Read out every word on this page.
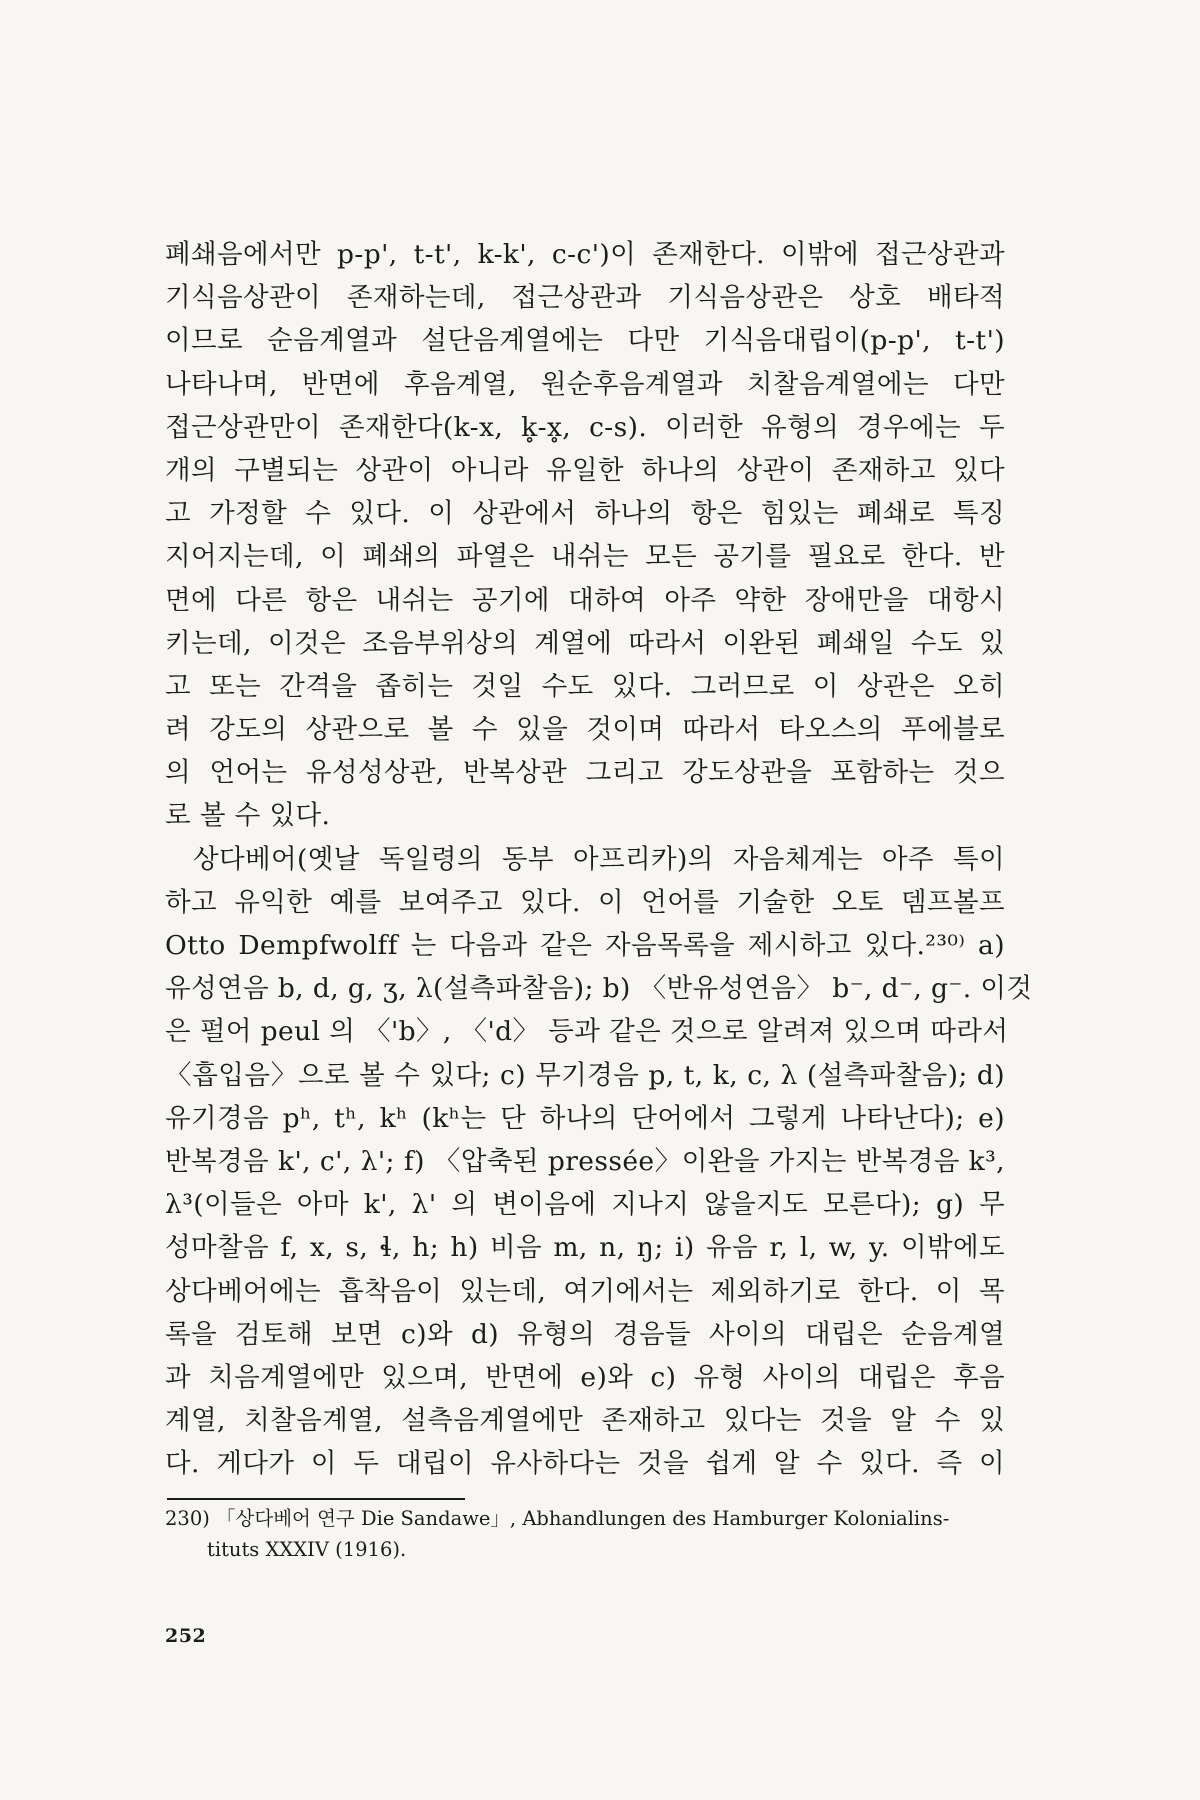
폐쇄음에서만 p-p', t-t', k-k', c-c')이 존재한다. 이밖에 접근상관과
기식음상관이 존재하는데, 접근상관과 기식음상관은 상호 배타적
이므로 순음계열과 설단음계열에는 다만 기식음대립이(p-p', t-t')
나타나며, 반면에 후음계열, 원순후음계열과 치찰음계열에는 다만
접근상관만이 존재한다(k-x, k̥-x̥, c-s). 이러한 유형의 경우에는 두
개의 구별되는 상관이 아니라 유일한 하나의 상관이 존재하고 있다
고 가정할 수 있다. 이 상관에서 하나의 항은 힘있는 폐쇄로 특징
지어지는데, 이 폐쇄의 파열은 내쉬는 모든 공기를 필요로 한다. 반
면에 다른 항은 내쉬는 공기에 대하여 아주 약한 장애만을 대항시
키는데, 이것은 조음부위상의 계열에 따라서 이완된 폐쇄일 수도 있
고 또는 간격을 좁히는 것일 수도 있다. 그러므로 이 상관은 오히
려 강도의 상관으로 볼 수 있을 것이며 따라서 타오스의 푸에블로
의 언어는 유성성상관, 반복상관 그리고 강도상관을 포함하는 것으
로 볼 수 있다.
상다베어(옛날 독일령의 동부 아프리카)의 자음체계는 아주 특이
하고 유익한 예를 보여주고 있다. 이 언어를 기술한 오토 뎀프볼프
Otto Dempfwolff 는 다음과 같은 자음목록을 제시하고 있다.²³⁰⁾ a)
유성연음 b, d, g, ʒ, λ(설측파찰음); b) 〈반유성연음〉 b⁻, d⁻, g⁻. 이것
은 펄어 peul 의 〈'b〉, 〈'd〉 등과 같은 것으로 알려져 있으며 따라서
〈흡입음〉으로 볼 수 있다; c) 무기경음 p, t, k, c, λ (설측파찰음); d)
유기경음 pʰ, tʰ, kʰ (kʰ는 단 하나의 단어에서 그렇게 나타난다); e)
반복경음 k', c', λ'; f) 〈압축된 pressée〉이완을 가지는 반복경음 k³,
λ³(이들은 아마 k', λ' 의 변이음에 지나지 않을지도 모른다); g) 무
성마찰음 f, x, s, ɬ, h; h) 비음 m, n, ŋ; i) 유음 r, l, w, y. 이밖에도
상다베어에는 흡착음이 있는데, 여기에서는 제외하기로 한다. 이 목
록을 검토해 보면 c)와 d) 유형의 경음들 사이의 대립은 순음계열
과 치음계열에만 있으며, 반면에 e)와 c) 유형 사이의 대립은 후음
계열, 치찰음계열, 설측음계열에만 존재하고 있다는 것을 알 수 있
다. 게다가 이 두 대립이 유사하다는 것을 쉽게 알 수 있다. 즉 이
230) 「상다베어 연구 Die Sandawe」, Abhandlungen des Hamburger Kolonialins-
tituts XXXIV (1916).
252
